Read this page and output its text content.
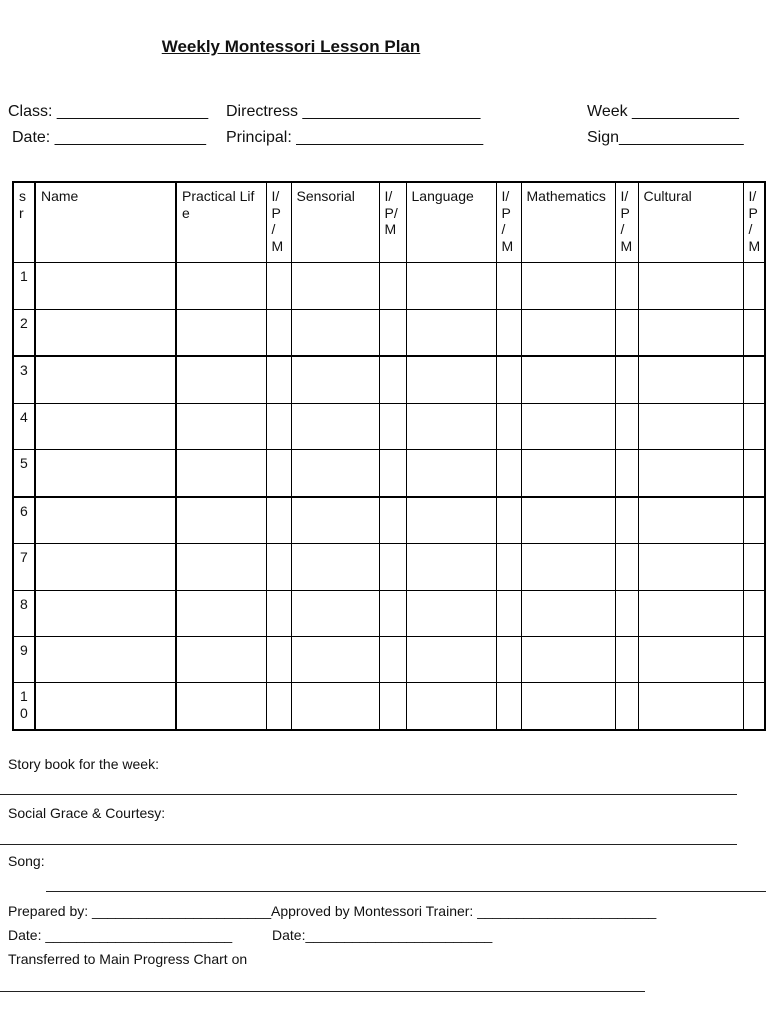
Weekly Montessori Lesson Plan
Class: _________________ Directress ____________________	Week ____________
Date: _________________ Principal: _____________________	Sign______________
s r	Name	Practical Life	I/ P / M	Sensorial	I/ P/ M	Language	I/ P / M	Mathematics	I/ P / M	Cultural	I/ P / M
1											
2											
3											
4											
5											
6											
7											
8											
9											
1 0											
Story book for the week:
Social Grace & Courtesy:
Song:
Prepared by: _______________________ Approved by Montessori Trainer: _______________________
Date: ________________________	Date:________________________
Transferred to Main Progress Chart on
